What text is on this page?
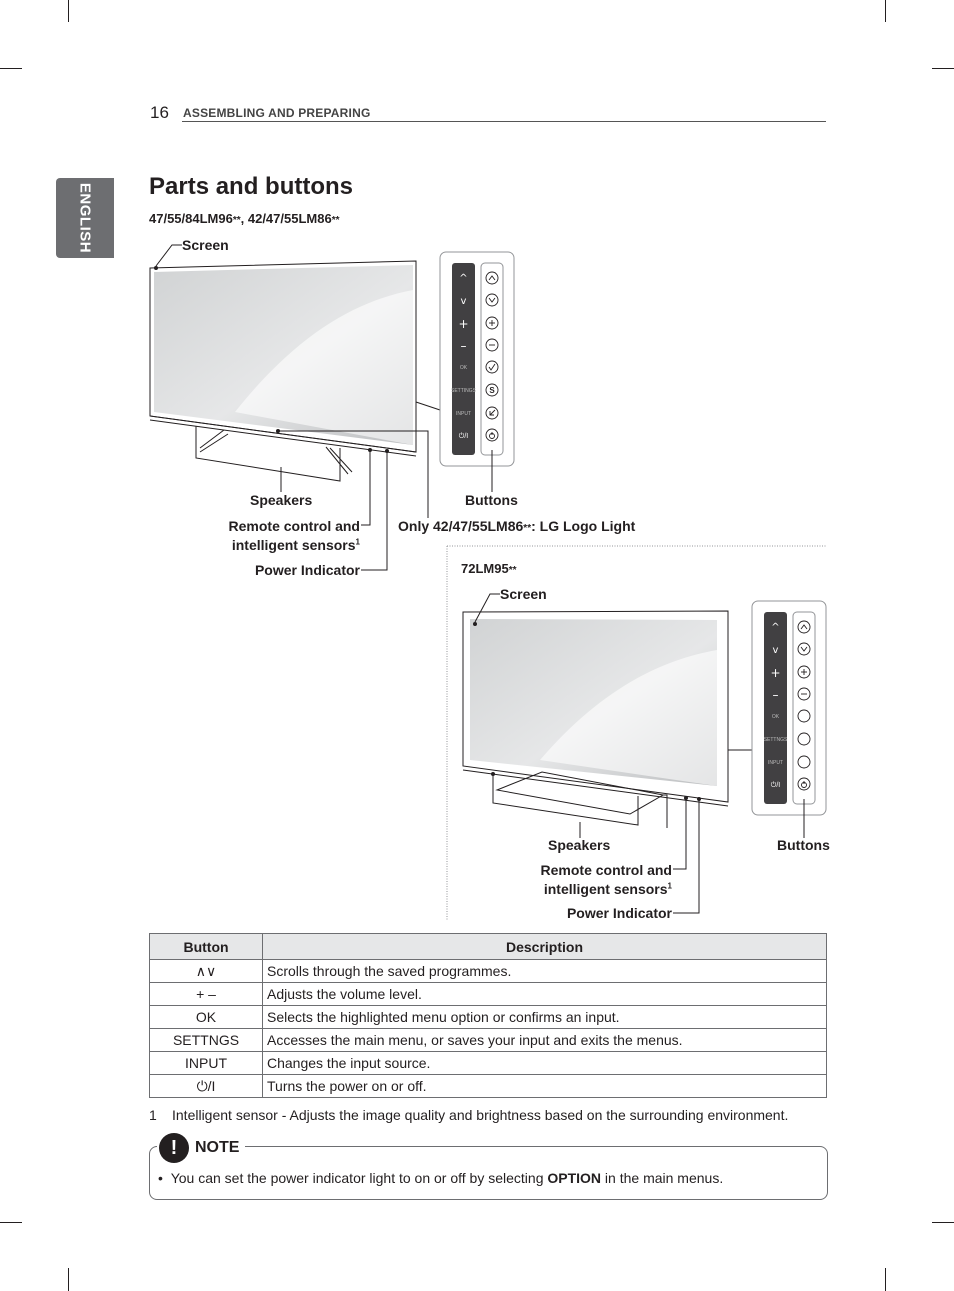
16 ASSEMBLING AND PREPARING
ENGLISH Parts and buttons
47/55/84LM96**, 42/47/55LM86**
^
v
+
–
OK
SETTINGS
INPUT
⏻/I
S
^
v
+
–
OK
SETTNGS
INPUT
⏻/I
Screen
Speakers	Buttons
Remote control and
intelligent sensors$^1$
Power Indicator
Only 42/47/55LM86**: LG Logo Light
72LM95**
Screen
Speakers	Buttons
Remote control and
intelligent sensors$^1$
Power Indicator
Button	Description
∧∨	Scrolls through the saved programmes.
+ –	Adjusts the volume level.
OK	Selects the highlighted menu option or confirms an input.
SETTNGS	Accesses the main menu, or saves your input and exits the menus.
INPUT	Changes the input source.
⏻/I	Turns the power on or off.
1 Intelligent sensor - Adjusts the image quality and brightness based on the surrounding environment.
!	NOTE
• You can set the power indicator light to on or off by selecting OPTION in the main menus.
